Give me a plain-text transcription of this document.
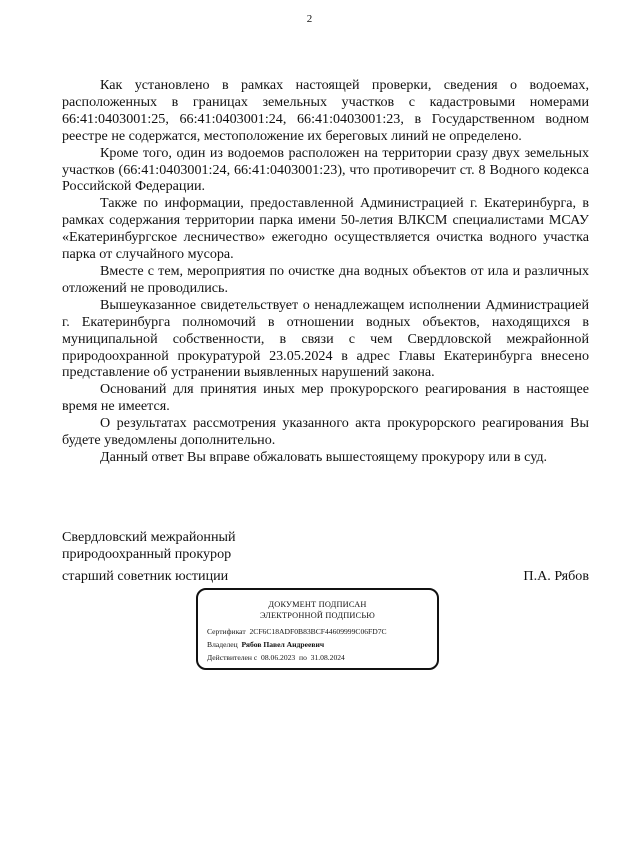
2

Как установлено в рамках настоящей проверки, сведения о водоемах, расположенных в границах земельных участков с кадастровыми номерами 66:41:0403001:25, 66:41:0403001:24, 66:41:0403001:23, в Государственном водном реестре не содержатся, местоположение их береговых линий не определено.

Кроме того, один из водоемов расположен на территории сразу двух земельных участков (66:41:0403001:24, 66:41:0403001:23), что противоречит ст. 8 Водного кодекса Российской Федерации.

Также по информации, предоставленной Администрацией г. Екатеринбурга, в рамках содержания территории парка имени 50-летия ВЛКСМ специалистами МСАУ «Екатеринбургское лесничество» ежегодно осуществляется очистка водного участка парка от случайного мусора.

Вместе с тем, мероприятия по очистке дна водных объектов от ила и различных отложений не проводились.

Вышеуказанное свидетельствует о ненадлежащем исполнении Администрацией г. Екатеринбурга полномочий в отношении водных объектов, находящихся в муниципальной собственности, в связи с чем Свердловской межрайонной природоохранной прокуратурой 23.05.2024 в адрес Главы Екатеринбурга внесено представление об устранении выявленных нарушений закона.

Оснований для принятия иных мер прокурорского реагирования в настоящее время не имеется.

О результатах рассмотрения указанного акта прокурорского реагирования Вы будете уведомлены дополнительно.

Данный ответ Вы вправе обжаловать вышестоящему прокурору или в суд.

Свердловский межрайонный
природоохранный прокурор
старший советник юстиции	П.А. Рябов
ДОКУМЕНТ ПОДПИСАН
ЭЛЕКТРОННОЙ ПОДПИСЬЮ
Сертификат 2CF6C18ADF0B83BCF44609999C06FD7C
Владелец Рябов Павел Андреевич
Действителен с 08.06.2023 по 31.08.2024
